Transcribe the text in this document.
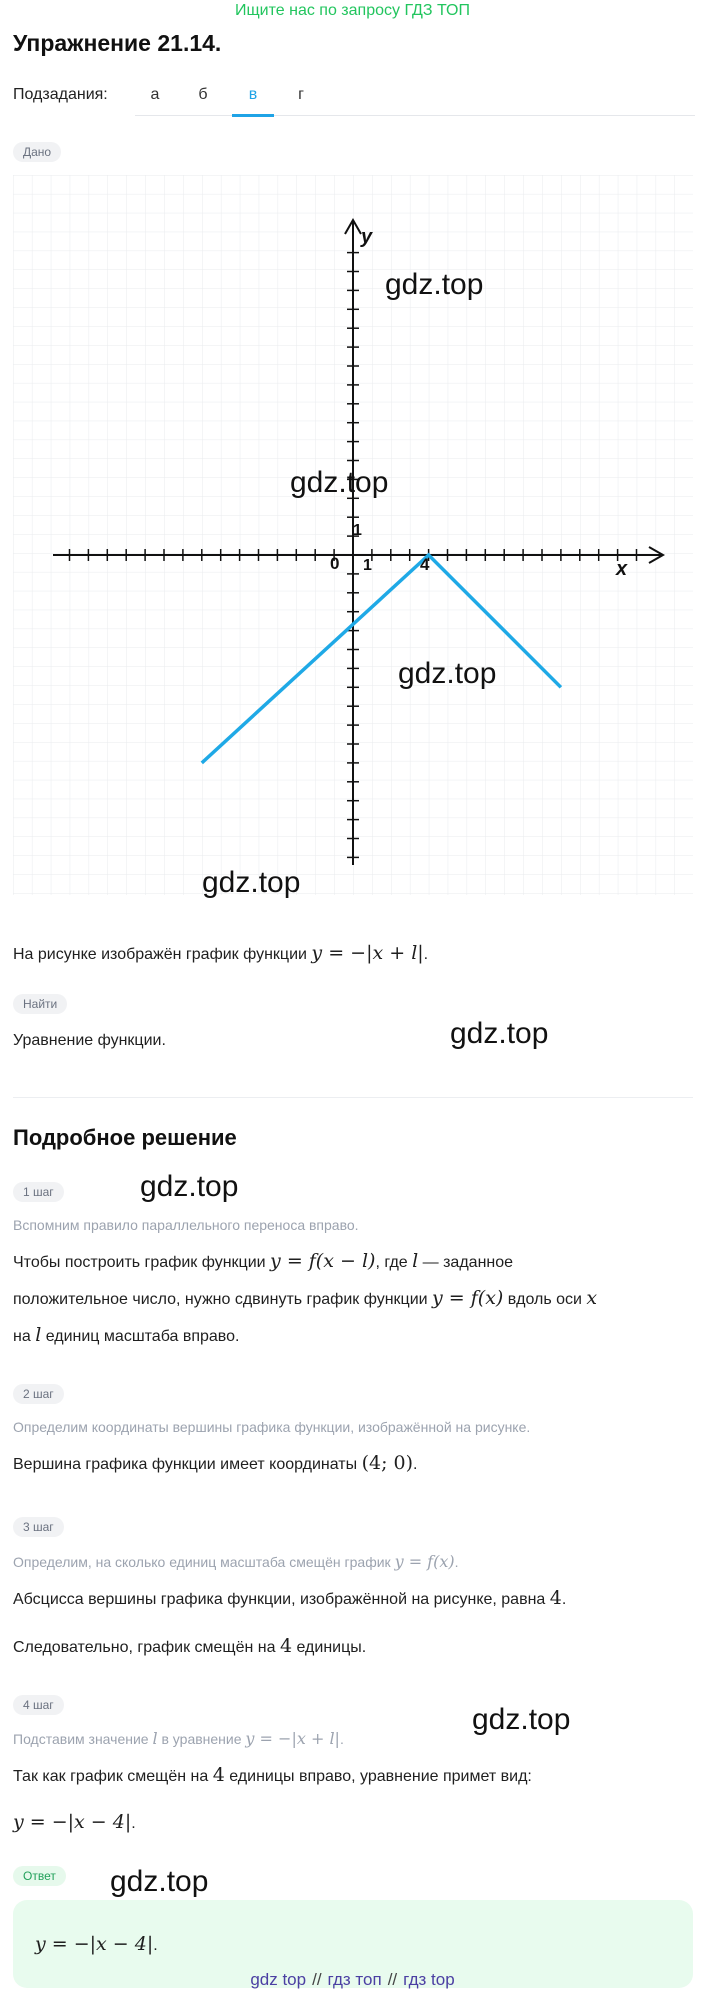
Ищите нас по запросу ГДЗ ТОП
Упражнение 21.14.
Подзадания:	а	б	в	г
Дано
y
x
0 1	4
1
На рисунке изображён график функции y = −|x + l|.
Найти
Уравнение функции.
Подробное решение
1 шаг
Вспомним правило параллельного переноса вправо.
Чтобы построить график функции y = f(x − l), где l — заданное
положительное число, нужно сдвинуть график функции y = f(x) вдоль оси x
на l единиц масштаба вправо.
2 шаг
Определим координаты вершины графика функции, изображённой на рисунке.
Вершина графика функции имеет координаты (4; 0).
3 шаг
Определим, на сколько единиц масштаба смещён график y = f(x).
Абсцисса вершины графика функции, изображённой на рисунке, равна 4.
Следовательно, график смещён на 4 единицы.
4 шаг
Подставим значение l в уравнение y = −|x + l|.
Так как график смещён на 4 единицы вправо, уравнение примет вид:
y = −|x − 4|.
Ответ
y = −|x − 4|.
gdz.top
gdz.top
gdz.top
gdz.top
gdz.top
gdz.top
gdz.top
gdz.top
gdz top // гдз топ // гдз top
